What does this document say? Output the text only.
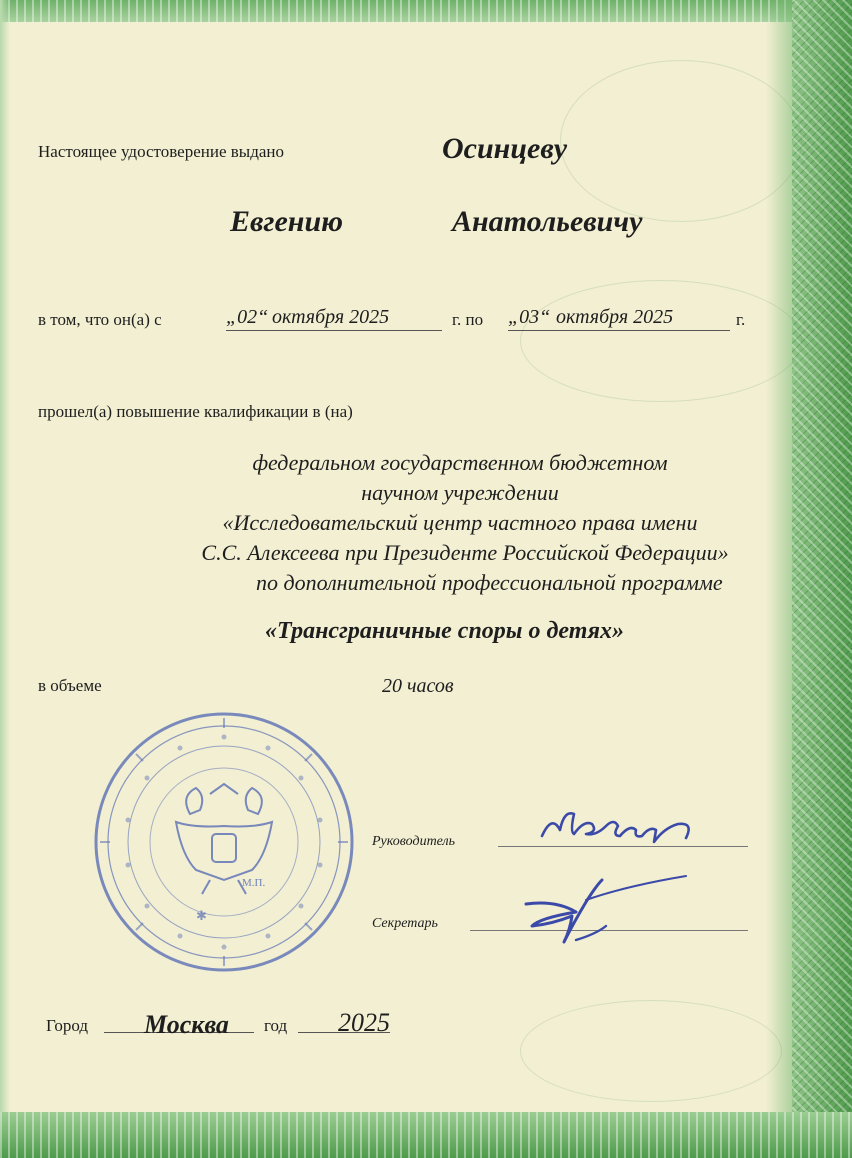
Настоящее удостоверение выдано	Осинцеву
Евгению	Анатольевичу
в том, что он(а) с	„02“ октября 2025	г. по „03“ октября 2025	г.
прошел(а) повышение квалификации в (на)
федеральном государственном бюджетном
научном учреждении
«Исследовательский центр частного права имени
С.С. Алексеева при Президенте Российской Федерации»
по дополнительной профессиональной программе
«Трансграничные споры о детях»
в объеме	20 часов
М.П.
✱
Руководитель
Секретарь
Город Москва год 2025
